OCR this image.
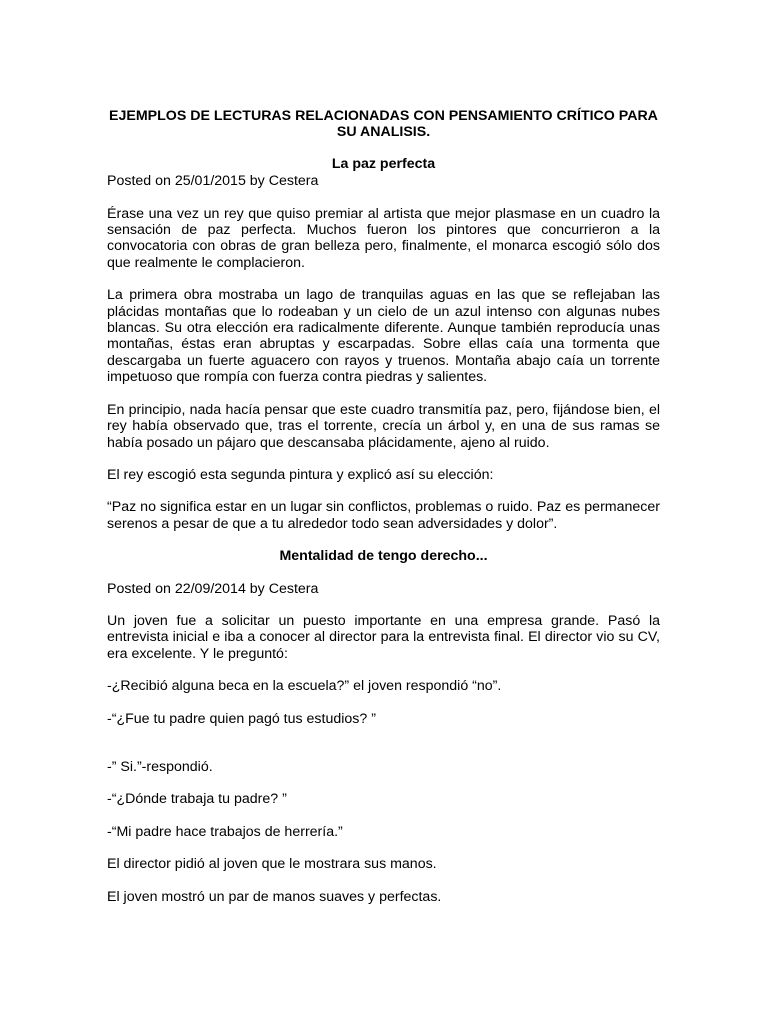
EJEMPLOS DE LECTURAS RELACIONADAS CON PENSAMIENTO CRÍTICO PARA SU ANALISIS.

La paz perfecta

Posted on 25/01/2015 by Cestera

Érase una vez un rey que quiso premiar al artista que mejor plasmase en un cuadro la sensación de paz perfecta. Muchos fueron los pintores que concurrieron a la convocatoria con obras de gran belleza pero, finalmente, el monarca escogió sólo dos que realmente le complacieron.

La primera obra mostraba un lago de tranquilas aguas en las que se reflejaban las plácidas montañas que lo rodeaban y un cielo de un azul intenso con algunas nubes blancas. Su otra elección era radicalmente diferente. Aunque también reproducía unas montañas, éstas eran abruptas y escarpadas. Sobre ellas caía una tormenta que descargaba un fuerte aguacero con rayos y truenos. Montaña abajo caía un torrente impetuoso que rompía con fuerza contra piedras y salientes.

En principio, nada hacía pensar que este cuadro transmitía paz, pero, fijándose bien, el rey había observado que, tras el torrente, crecía un árbol y, en una de sus ramas se había posado un pájaro que descansaba plácidamente, ajeno al ruido.

El rey escogió esta segunda pintura y explicó así su elección:

“Paz no significa estar en un lugar sin conflictos, problemas o ruido. Paz es permanecer serenos a pesar de que a tu alrededor todo sean adversidades y dolor”.

Mentalidad de tengo derecho...

Posted on 22/09/2014 by Cestera

Un joven fue a solicitar un puesto importante en una empresa grande. Pasó la entrevista inicial e iba a conocer al director para la entrevista final. El director vio su CV, era excelente. Y le preguntó:

-¿Recibió alguna beca en la escuela?” el joven respondió “no”.

-“¿Fue tu padre quien pagó tus estudios? ”

-” Si.”-respondió.

-“¿Dónde trabaja tu padre? ”

-“Mi padre hace trabajos de herrería.”

El director pidió al joven que le mostrara sus manos.

El joven mostró un par de manos suaves y perfectas.
